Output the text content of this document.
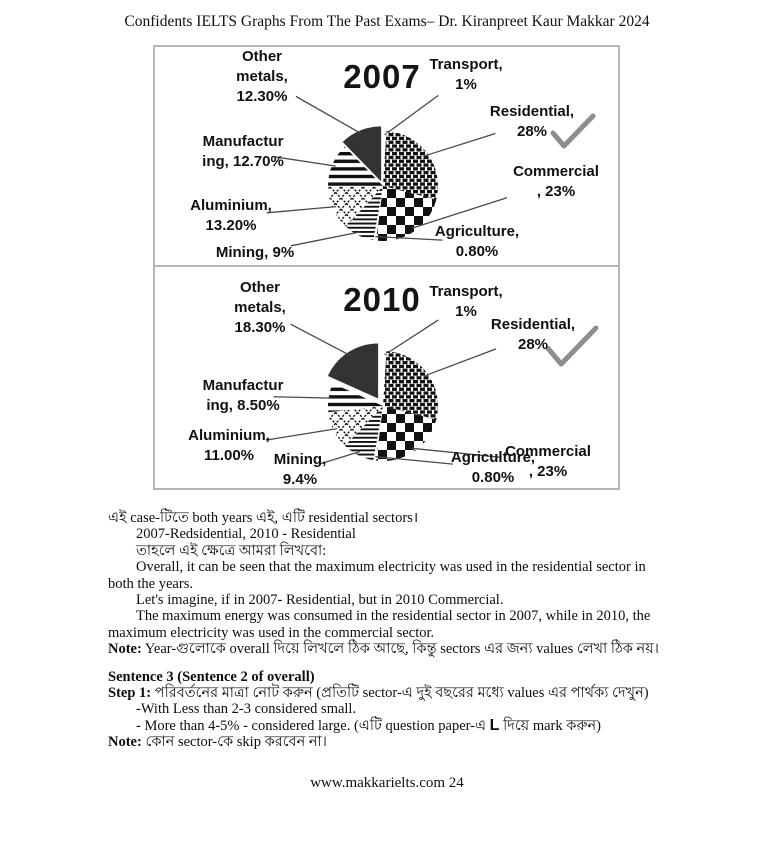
Confidents IELTS Graphs From The Past Exams– Dr. Kiranpreet Kaur Makkar 2024
Transport,
1%
Residential,
28%
Commercial
, 23%
Agriculture,
0.80%
Mining, 9%
Aluminium,
13.20%
Manufactur
ing, 12.70%
Other
metals,
12.30%
2007
Transport,
1%
Residential,
28%
Commercial
, 23%
Agriculture,
0.80%
Mining,
9.4%
Aluminium,
11.00%
Manufactur
ing, 8.50%
Other
metals,
18.30%
2010

এই case-টিতে both years এই, এটি residential sectors।

2007-Redsidential, 2010 - Residential

তাহলে এই ক্ষেত্রে আমরা লিখবো:

Overall, it can be seen that the maximum electricity was used in the residential sector in both the years.

Let's imagine, if in 2007- Residential, but in 2010 Commercial.

The maximum energy was consumed in the residential sector in 2007, while in 2010, the maximum electricity was used in the commercial sector.

Note: Year-গুলোকে overall দিয়ে লিখলে ঠিক আছে, কিন্তু sectors এর জন্য values লেখা ঠিক নয়।

Sentence 3 (Sentence 2 of overall)

Step 1: পরিবর্তনের মাত্রা নোট করুন (প্রতিটি sector-এ দুই বছরের মধ্যে values এর পার্থক্য দেখুন)

-With Less than 2-3 considered small.

- More than 4-5% - considered large. (এটি question paper-এ L দিয়ে mark করুন)

Note: কোন sector-কে skip করবেন না।

www.makkarielts.com 24
